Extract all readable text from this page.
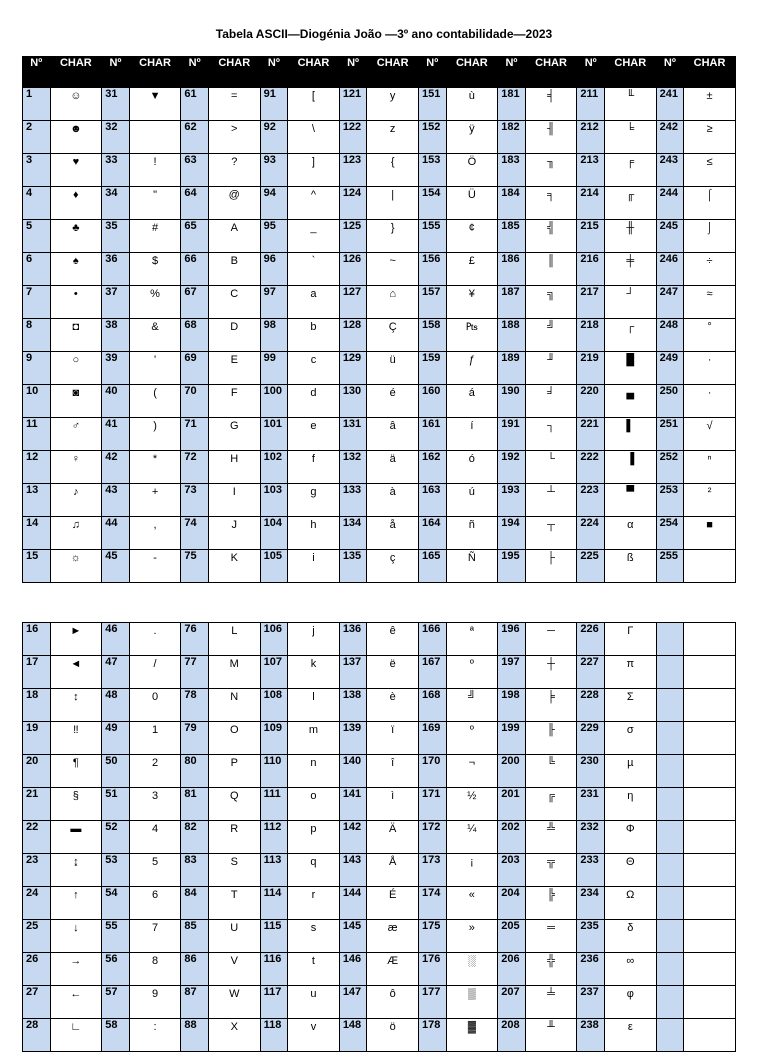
Tabela ASCII—Diogénia João —3º ano contabilidade—2023
Nº	CHAR	Nº	CHAR	Nº	CHAR	Nº	CHAR	Nº	CHAR	Nº	CHAR	Nº	CHAR	Nº	CHAR	Nº	CHAR

1	☺	31	▼	61	=	91	[	121	y	151	ù	181	╡	211	╙	241	±

2	☻	32		62	>	92	\	122	z	152	ÿ	182	╢	212	╘	242	≥

3	♥	33	!	63	?	93	]	123	{	153	Ö	183	╖	213	╒	243	≤

4	♦	34	"	64	@	94	^	124	|	154	Ü	184	╕	214	╓	244	⌠

5	♣	35	#	65	A	95	_	125	}	155	¢	185	╣	215	╫	245	⌡

6	♠	36	$	66	B	96	`	126	~	156	£	186	║	216	╪	246	÷

7	•	37	%	67	C	97	a	127	⌂	157	¥	187	╗	217	┘	247	≈

8	◘	38	&	68	D	98	b	128	Ç	158	₧	188	╝	218	┌	248	°

9	○	39	'	69	E	99	c	129	ü	159	ƒ	189	╜	219	█	249	·

10	◙	40	(	70	F	100	d	130	é	160	á	190	╛	220	▄	250	·

11	♂	41	)	71	G	101	e	131	â	161	í	191	┐	221	▌	251	√

12	♀	42	*	72	H	102	f	132	ä	162	ó	192	└	222	▐	252	ⁿ

13	♪	43	+	73	I	103	g	133	à	163	ú	193	┴	223	▀	253	²

14	♫	44	,	74	J	104	h	134	å	164	ñ	194	┬	224	α	254	■

15	☼	45	-	75	K	105	i	135	ç	165	Ñ	195	├	225	ß	255	

16	►	46	.	76	L	106	j	136	ê	166	ª	196	─	226	Γ	

17	◄	47	/	77	M	107	k	137	ë	167	º	197	┼	227	π	

18	↕	48	0	78	N	108	l	138	è	168	╝	198	╞	228	Σ	

19	‼	49	1	79	O	109	m	139	ï	169	º	199	╟	229	σ	

20	¶	50	2	80	P	110	n	140	î	170	¬	200	╚	230	µ	

21	§	51	3	81	Q	111	o	141	ì	171	½	201	╔	231	η	

22	▬	52	4	82	R	112	p	142	Ä	172	¼	202	╩	232	Φ	

23	↨	53	5	83	S	113	q	143	Å	173	¡	203	╦	233	Θ	

24	↑	54	6	84	T	114	r	144	É	174	«	204	╠	234	Ω	

25	↓	55	7	85	U	115	s	145	æ	175	»	205	═	235	δ	

26	→	56	8	86	V	116	t	146	Æ	176	░	206	╬	236	∞	

27	←	57	9	87	W	117	u	147	ô	177	▒	207	╧	237	φ	

28	∟	58	:	88	X	118	v	148	ö	178	▓	208	╨	238	ε	
